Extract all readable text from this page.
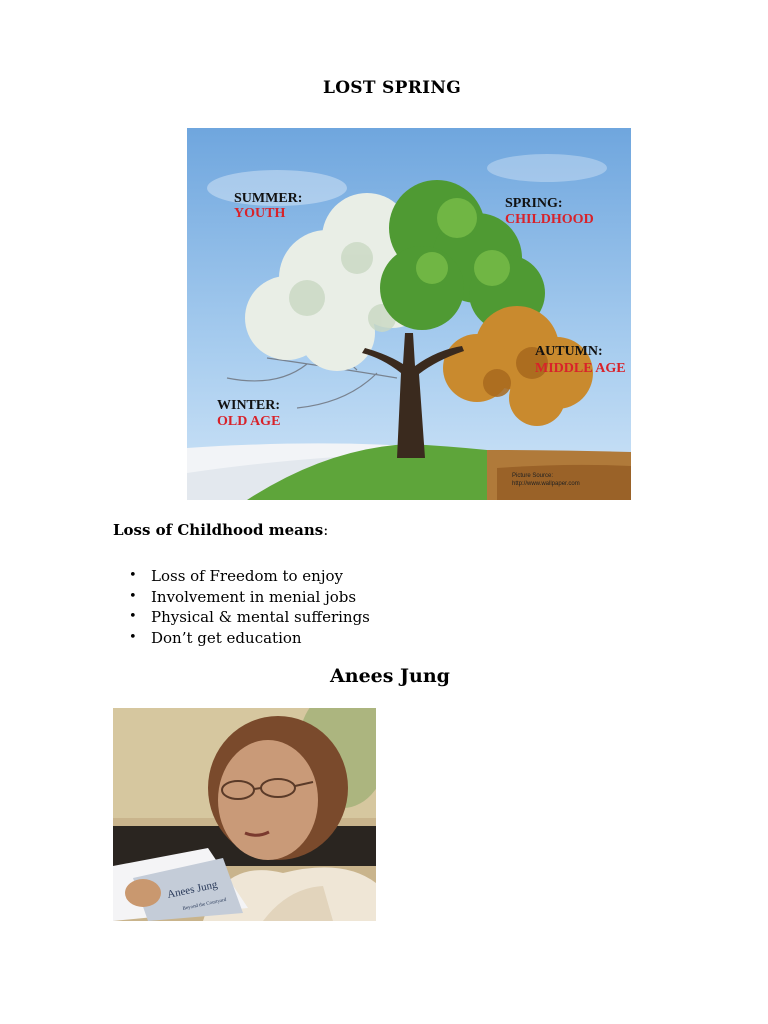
LOST SPRING
SUMMER:
YOUTH
SPRING:
CHILDHOOD
AUTUMN:
MIDDLE AGE
WINTER:
OLD AGE
Picture Source:
http://www.wallpaper.com
Loss of Childhood means:
• Loss of Freedom to enjoy
• Involvement in menial jobs
• Physical & mental sufferings
• Don’t get education
Anees Jung
Anees Jung
Beyond the Courtyard
